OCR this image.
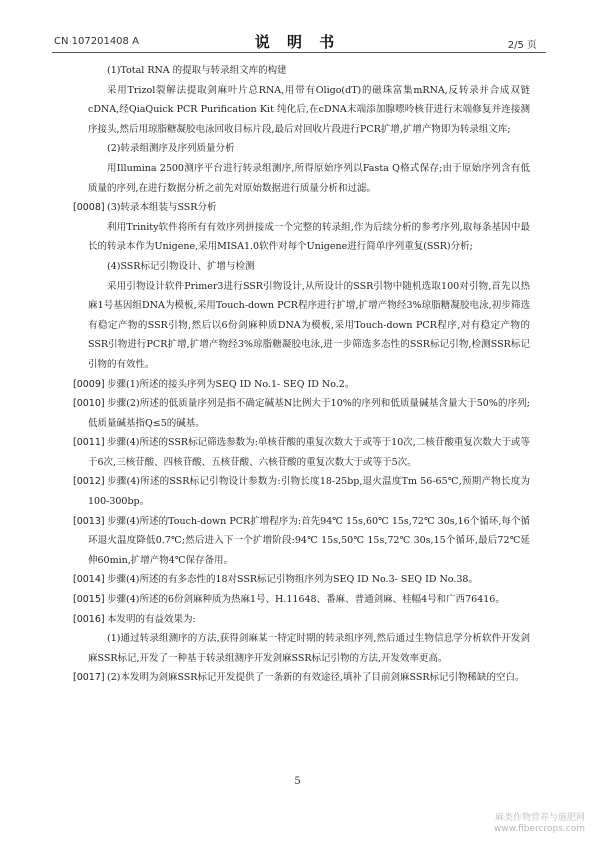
CN 107201408 A	说 明 书	2/5 页

(1)Total RNA 的提取与转录组文库的构建

采用Trizol裂解法提取剑麻叶片总RNA,用带有Oligo(dT)的磁珠富集mRNA,反转录并合成双链cDNA,经QiaQuick PCR Purification Kit 纯化后,在cDNA末端添加腺嘌呤核苷进行末端修复并连接测序接头,然后用琼脂糖凝胶电泳回收目标片段,最后对回收片段进行PCR扩增,扩增产物即为转录组文库;

(2)转录组测序及序列质量分析

用Illumina 2500测序平台进行转录组测序,所得原始序列以Fasta Q格式保存;由于原始序列含有低质量的序列,在进行数据分析之前先对原始数据进行质量分析和过滤。

[0008] (3)转录本组装与SSR分析

利用Trinity软件将所有有效序列拼接成一个完整的转录组,作为后续分析的参考序列,取每条基因中最长的转录本作为Unigene,采用MISA1.0软件对每个Unigene进行简单序列重复(SSR)分析;

(4)SSR标记引物设计、扩增与检测

采用引物设计软件Primer3进行SSR引物设计,从所设计的SSR引物中随机选取100对引物,首先以热麻1号基因组DNA为模板,采用Touch-down PCR程序进行扩增,扩增产物经3%琼脂糖凝胶电泳,初步筛选有稳定产物的SSR引物,然后以6份剑麻种质DNA为模板,采用Touch-down PCR程序,对有稳定产物的SSR引物进行PCR扩增,扩增产物经3%琼脂糖凝胶电泳,进一步筛选多态性的SSR标记引物,检测SSR标记引物的有效性。

[0009] 步骤(1)所述的接头序列为SEQ ID No.1- SEQ ID No.2。

[0010] 步骤(2)所述的低质量序列是指不确定碱基N比例大于10%的序列和低质量碱基含量大于50%的序列;低质量碱基指Q≤5的碱基。

[0011] 步骤(4)所述的SSR标记筛选参数为:单核苷酸的重复次数大于或等于10次,二核苷酸重复次数大于或等于6次,三核苷酸、四核苷酸、五核苷酸、六核苷酸的重复次数大于或等于5次。

[0012] 步骤(4)所述的SSR标记引物设计参数为:引物长度18-25bp,退火温度Tm 56-65℃,预期产物长度为100-300bp。

[0013] 步骤(4)所述的Touch-down PCR扩增程序为:首先94℃ 15s,60℃ 15s,72℃ 30s,16个循环,每个循环退火温度降低0.7℃;然后进入下一个扩增阶段:94℃ 15s,50℃ 15s,72℃ 30s,15个循环,最后72℃延伸60min,扩增产物4℃保存备用。

[0014] 步骤(4)所述的有多态性的18对SSR标记引物组序列为SEQ ID No.3- SEQ ID No.38。

[0015] 步骤(4)所述的6份剑麻种质为热麻1号、H.11648、番麻、普通剑麻、桂幅4号和广西76416。

[0016] 本发明的有益效果为:

(1)通过转录组测序的方法,获得剑麻某一特定时期的转录组序列,然后通过生物信息学分析软件开发剑麻SSR标记,开发了一种基于转录组测序开发剑麻SSR标记引物的方法,开发效率更高。

[0017] (2)本发明为剑麻SSR标记开发提供了一条新的有效途径,填补了目前剑麻SSR标记引物稀缺的空白。

5
麻类作物营养与施肥网
www.fibercrops.com
